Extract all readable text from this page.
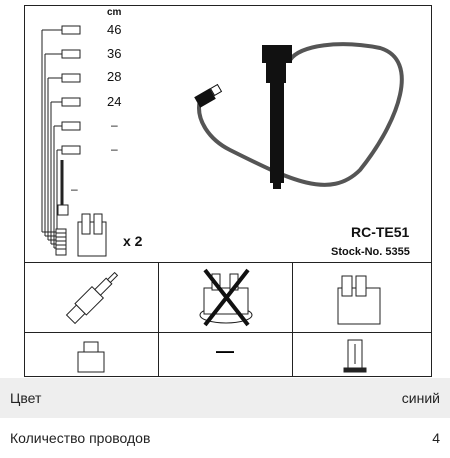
cm
46
36
28
24
–
–
–
x 2
RC-TE51
Stock-No. 5355
—
Цвет	синий
Количество проводов	4
